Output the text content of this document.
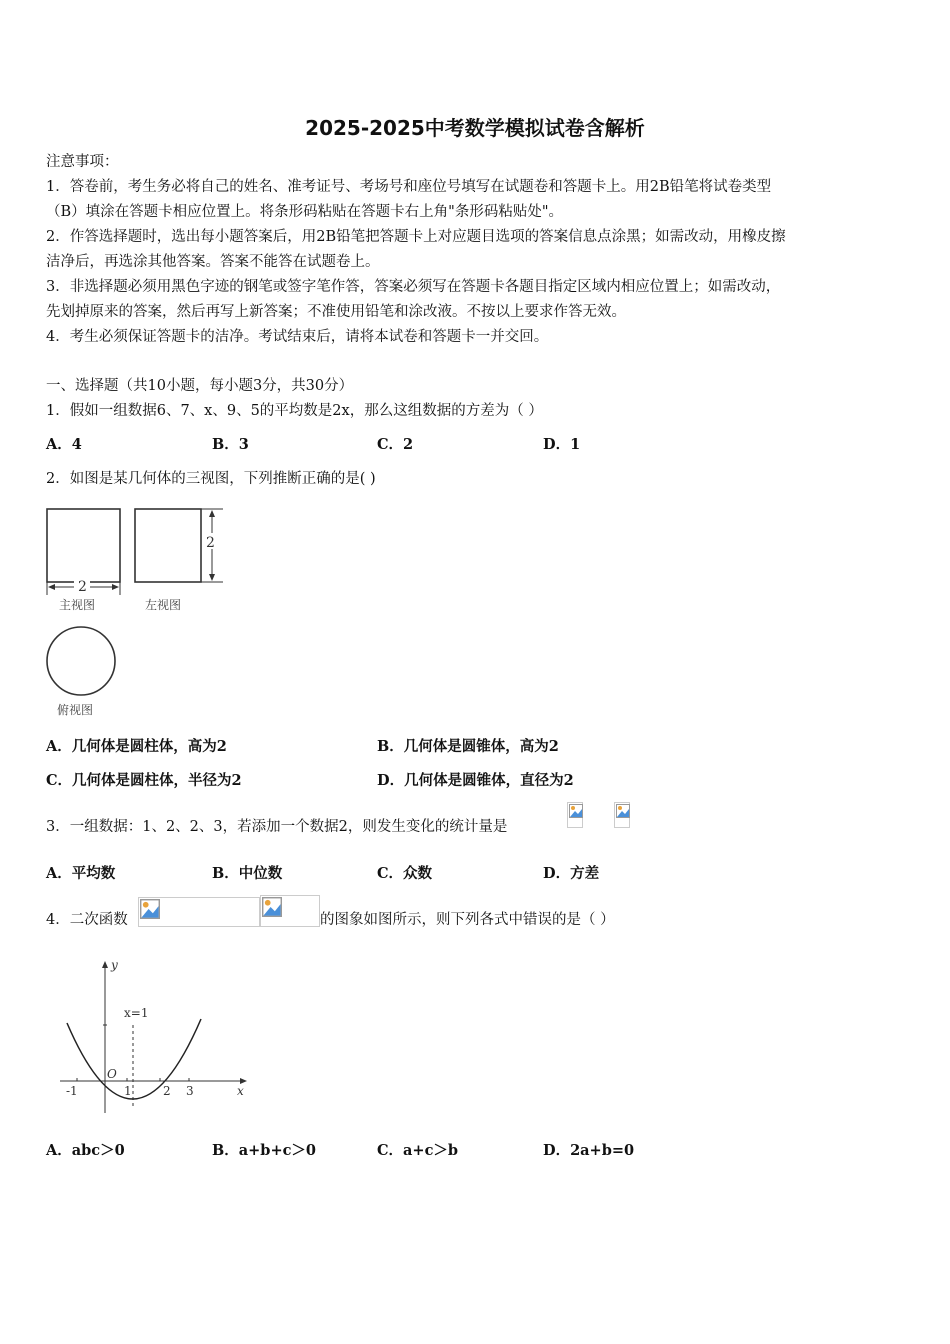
2025-2025中考数学模拟试卷含解析
注意事项：
1．答卷前，考生务必将自己的姓名、准考证号、考场号和座位号填写在试题卷和答题卡上。用2B铅笔将试卷类型
（B）填涂在答题卡相应位置上。将条形码粘贴在答题卡右上角"条形码粘贴处"。
2．作答选择题时，选出每小题答案后，用2B铅笔把答题卡上对应题目选项的答案信息点涂黑；如需改动，用橡皮擦
洁净后，再选涂其他答案。答案不能答在试题卷上。
3．非选择题必须用黑色字迹的钢笔或签字笔作答，答案必须写在答题卡各题目指定区域内相应位置上；如需改动，
先划掉原来的答案，然后再写上新答案；不准使用铅笔和涂改液。不按以上要求作答无效。
4．考生必须保证答题卡的洁净。考试结束后，请将本试卷和答题卡一并交回。
一、选择题（共10小题，每小题3分，共30分）
1．假如一组数据6、7、x、9、5的平均数是2x，那么这组数据的方差为（ ）
A．4	B．3	C．2	D．1
2．如图是某几何体的三视图，下列推断正确的是( )
2
2
主视图	左视图
俯视图
A．几何体是圆柱体，高为2	B．几何体是圆锥体，高为2
C．几何体是圆柱体，半径为2	D．几何体是圆锥体，直径为2
3．一组数据：1、2、2、3，若添加一个数据2，则发生变化的统计量是
A．平均数	B．中位数	C．众数	D．方差
4．二次函数	的图象如图所示，则下列各式中错误的是（ ）
y
x
x=1
O
-1	1	2 3
A．abc＞0	B．a+b+c＞0	C．a+c＞b	D．2a+b=0
